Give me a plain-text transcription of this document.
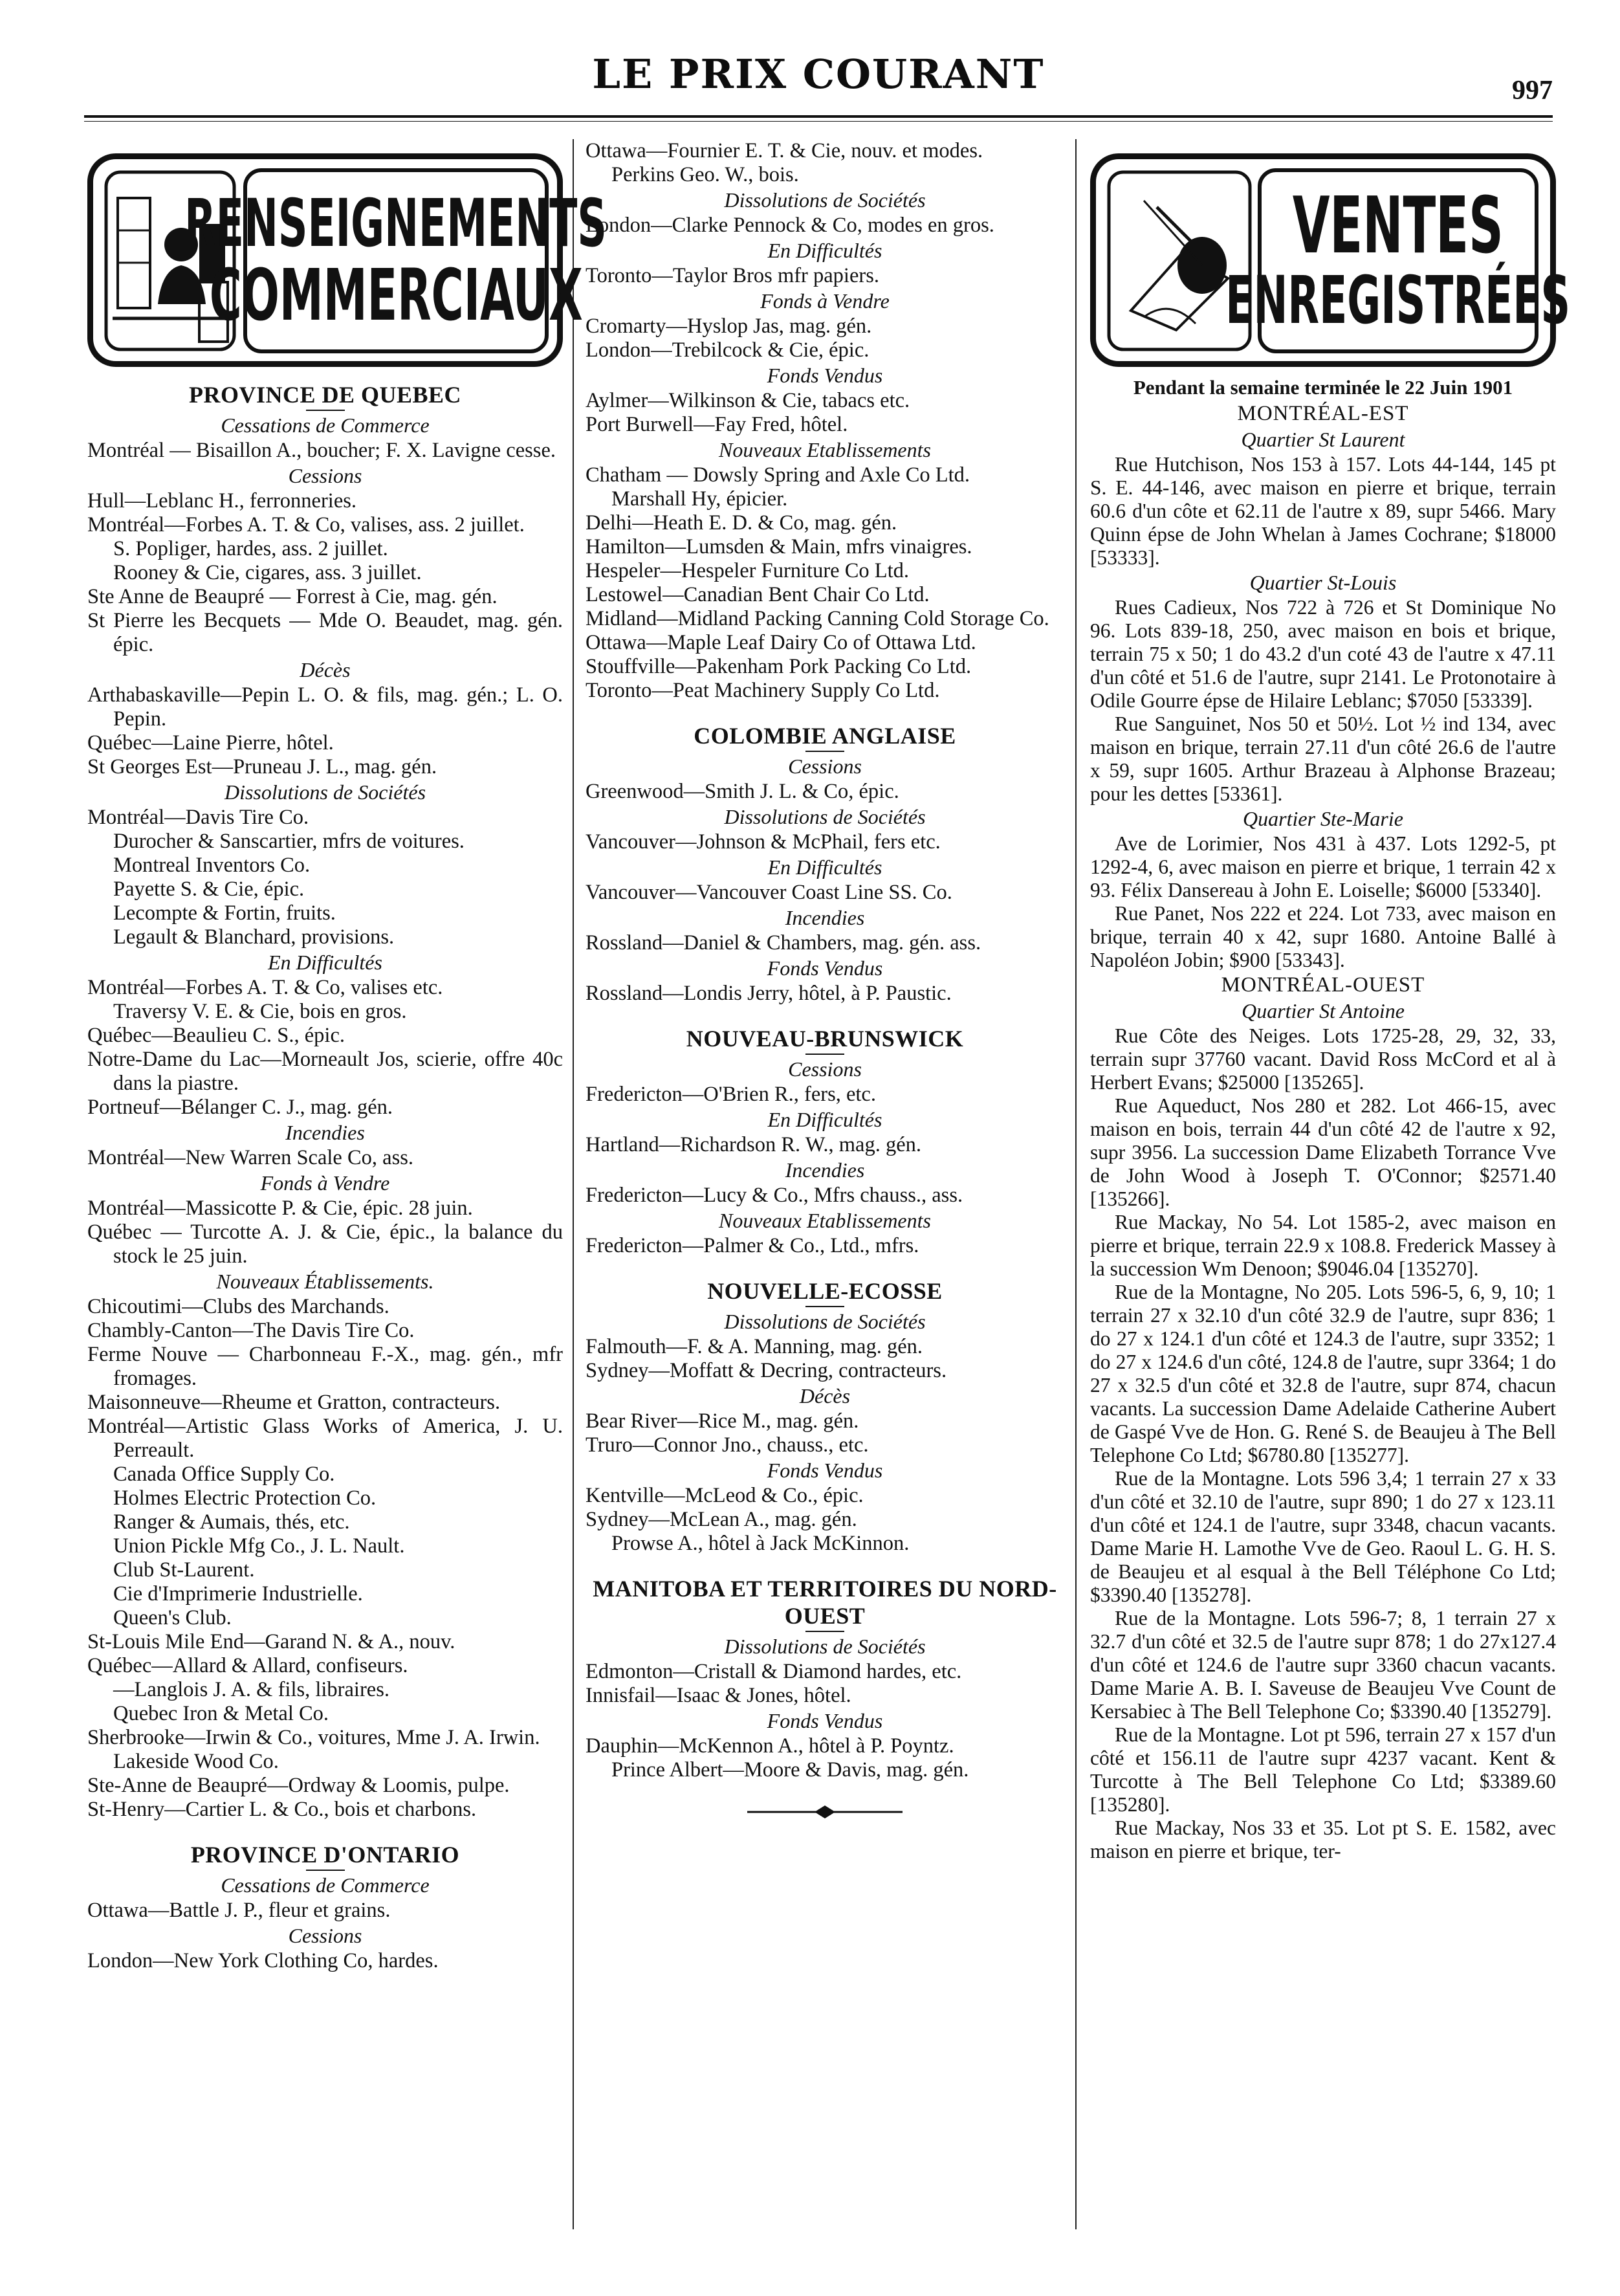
LE PRIX COURANT	997
RENSEIGNEMENTS
COMMERCIAUX
PROVINCE DE QUEBEC
Cessations de Commerce
Montréal — Bisaillon A., boucher; F. X. Lavigne cesse.
Cessions
Hull—Leblanc H., ferronneries.
Montréal—Forbes A. T. & Co, valises, ass. 2 juillet.
S. Popliger, hardes, ass. 2 juillet.
Rooney & Cie, cigares, ass. 3 juillet.
Ste Anne de Beaupré — Forrest à Cie, mag. gén.
St Pierre les Becquets — Mde O. Beaudet, mag. gén. épic.
Décès
Arthabaskaville—Pepin L. O. & fils, mag. gén.; L. O. Pepin.
Québec—Laine Pierre, hôtel.
St Georges Est—Pruneau J. L., mag. gén.
Dissolutions de Sociétés
Montréal—Davis Tire Co.
Durocher & Sanscartier, mfrs de voitures.
Montreal Inventors Co.
Payette S. & Cie, épic.
Lecompte & Fortin, fruits.
Legault & Blanchard, provisions.
En Difficultés
Montréal—Forbes A. T. & Co, valises etc.
Traversy V. E. & Cie, bois en gros.
Québec—Beaulieu C. S., épic.
Notre-Dame du Lac—Morneault Jos, scierie, offre 40c dans la piastre.
Portneuf—Bélanger C. J., mag. gén.
Incendies
Montréal—New Warren Scale Co, ass.
Fonds à Vendre
Montréal—Massicotte P. & Cie, épic. 28 juin.
Québec — Turcotte A. J. & Cie, épic., la balance du stock le 25 juin.
Nouveaux Établissements.
Chicoutimi—Clubs des Marchands.
Chambly-Canton—The Davis Tire Co.
Ferme Nouve — Charbonneau F.-X., mag. gén., mfr fromages.
Maisonneuve—Rheume et Gratton, contracteurs.
Montréal—Artistic Glass Works of America, J. U. Perreault.
Canada Office Supply Co.
Holmes Electric Protection Co.
Ranger & Aumais, thés, etc.
Union Pickle Mfg Co., J. L. Nault.
Club St-Laurent.
Cie d'Imprimerie Industrielle.
Queen's Club.
St-Louis Mile End—Garand N. & A., nouv.
Québec—Allard & Allard, confiseurs.
—Langlois J. A. & fils, libraires.
Quebec Iron & Metal Co.
Sherbrooke—Irwin & Co., voitures, Mme J. A. Irwin.
Lakeside Wood Co.
Ste-Anne de Beaupré—Ordway & Loomis, pulpe.
St-Henry—Cartier L. & Co., bois et charbons.
PROVINCE D'ONTARIO
Cessations de Commerce
Ottawa—Battle J. P., fleur et grains.
Cessions
London—New York Clothing Co, hardes.
Ottawa—Fournier E. T. & Cie, nouv. et modes.
Perkins Geo. W., bois.
Dissolutions de Sociétés
London—Clarke Pennock & Co, modes en gros.
En Difficultés
Toronto—Taylor Bros mfr papiers.
Fonds à Vendre
Cromarty—Hyslop Jas, mag. gén.
London—Trebilcock & Cie, épic.
Fonds Vendus
Aylmer—Wilkinson & Cie, tabacs etc.
Port Burwell—Fay Fred, hôtel.
Nouveaux Etablissements
Chatham — Dowsly Spring and Axle Co Ltd.
Marshall Hy, épicier.
Delhi—Heath E. D. & Co, mag. gén.
Hamilton—Lumsden & Main, mfrs vinaigres.
Hespeler—Hespeler Furniture Co Ltd.
Lestowel—Canadian Bent Chair Co Ltd.
Midland—Midland Packing Canning Cold Storage Co.
Ottawa—Maple Leaf Dairy Co of Ottawa Ltd.
Stouffville—Pakenham Pork Packing Co Ltd.
Toronto—Peat Machinery Supply Co Ltd.
COLOMBIE ANGLAISE
Cessions
Greenwood—Smith J. L. & Co, épic.
Dissolutions de Sociétés
Vancouver—Johnson & McPhail, fers etc.
En Difficultés
Vancouver—Vancouver Coast Line SS. Co.
Incendies
Rossland—Daniel & Chambers, mag. gén. ass.
Fonds Vendus
Rossland—Londis Jerry, hôtel, à P. Paustic.
NOUVEAU-BRUNSWICK
Cessions
Fredericton—O'Brien R., fers, etc.
En Difficultés
Hartland—Richardson R. W., mag. gén.
Incendies
Fredericton—Lucy & Co., Mfrs chauss., ass.
Nouveaux Etablissements
Fredericton—Palmer & Co., Ltd., mfrs.
NOUVELLE-ECOSSE
Dissolutions de Sociétés
Falmouth—F. & A. Manning, mag. gén.
Sydney—Moffatt & Decring, contracteurs.
Décès
Bear River—Rice M., mag. gén.
Truro—Connor Jno., chauss., etc.
Fonds Vendus
Kentville—McLeod & Co., épic.
Sydney—McLean A., mag. gén.
Prowse A., hôtel à Jack McKinnon.
MANITOBA ET TERRITOIRES DU NORD-OUEST
Dissolutions de Sociétés
Edmonton—Cristall & Diamond hardes, etc.
Innisfail—Isaac & Jones, hôtel.
Fonds Vendus
Dauphin—McKennon A., hôtel à P. Poyntz.
Prince Albert—Moore & Davis, mag. gén.
VENTES
ENREGISTRÉES
Pendant la semaine terminée le 22 Juin 1901
MONTRÉAL-EST
Quartier St Laurent
Rue Hutchison, Nos 153 à 157. Lots 44-144, 145 pt S. E. 44-146, avec maison en pierre et brique, terrain 60.6 d'un côte et 62.11 de l'autre x 89, supr 5466. Mary Quinn épse de John Whelan à James Cochrane; $18000 [53333].
Quartier St-Louis
Rues Cadieux, Nos 722 à 726 et St Dominique No 96. Lots 839-18, 250, avec maison en bois et brique, terrain 75 x 50; 1 do 43.2 d'un coté 43 de l'autre x 47.11 d'un côté et 51.6 de l'autre, supr 2141. Le Protonotaire à Odile Gourre épse de Hilaire Leblanc; $7050 [53339].
Rue Sanguinet, Nos 50 et 50½. Lot ½ ind 134, avec maison en brique, terrain 27.11 d'un côté 26.6 de l'autre x 59, supr 1605. Arthur Brazeau à Alphonse Brazeau; pour les dettes [53361].
Quartier Ste-Marie
Ave de Lorimier, Nos 431 à 437. Lots 1292-5, pt 1292-4, 6, avec maison en pierre et brique, 1 terrain 42 x 93. Félix Dansereau à John E. Loiselle; $6000 [53340].
Rue Panet, Nos 222 et 224. Lot 733, avec maison en brique, terrain 40 x 42, supr 1680. Antoine Ballé à Napoléon Jobin; $900 [53343].
MONTRÉAL-OUEST
Quartier St Antoine
Rue Côte des Neiges. Lots 1725-28, 29, 32, 33, terrain supr 37760 vacant. David Ross McCord et al à Herbert Evans; $25000 [135265].
Rue Aqueduct, Nos 280 et 282. Lot 466-15, avec maison en bois, terrain 44 d'un côté 42 de l'autre x 92, supr 3956. La succession Dame Elizabeth Torrance Vve de John Wood à Joseph T. O'Connor; $2571.40 [135266].
Rue Mackay, No 54. Lot 1585-2, avec maison en pierre et brique, terrain 22.9 x 108.8. Frederick Massey à la succession Wm Denoon; $9046.04 [135270].
Rue de la Montagne, No 205. Lots 596-5, 6, 9, 10; 1 terrain 27 x 32.10 d'un côté 32.9 de l'autre, supr 836; 1 do 27 x 124.1 d'un côté et 124.3 de l'autre, supr 3352; 1 do 27 x 124.6 d'un côté, 124.8 de l'autre, supr 3364; 1 do 27 x 32.5 d'un côté et 32.8 de l'autre, supr 874, chacun vacants. La succession Dame Adelaide Catherine Aubert de Gaspé Vve de Hon. G. René S. de Beaujeu à The Bell Telephone Co Ltd; $6780.80 [135277].
Rue de la Montagne. Lots 596 3,4; 1 terrain 27 x 33 d'un côté et 32.10 de l'autre, supr 890; 1 do 27 x 123.11 d'un côté et 124.1 de l'autre, supr 3348, chacun vacants. Dame Marie H. Lamothe Vve de Geo. Raoul L. G. H. S. de Beaujeu et al esqual à the Bell Téléphone Co Ltd; $3390.40 [135278].
Rue de la Montagne. Lots 596-7; 8, 1 terrain 27 x 32.7 d'un côté et 32.5 de l'autre supr 878; 1 do 27x127.4 d'un côté et 124.6 de l'autre supr 3360 chacun vacants. Dame Marie A. B. I. Saveuse de Beaujeu Vve Count de Kersabiec à The Bell Telephone Co; $3390.40 [135279].
Rue de la Montagne. Lot pt 596, terrain 27 x 157 d'un côté et 156.11 de l'autre supr 4237 vacant. Kent & Turcotte à The Bell Telephone Co Ltd; $3389.60 [135280].
Rue Mackay, Nos 33 et 35. Lot pt S. E. 1582, avec maison en pierre et brique, ter-
